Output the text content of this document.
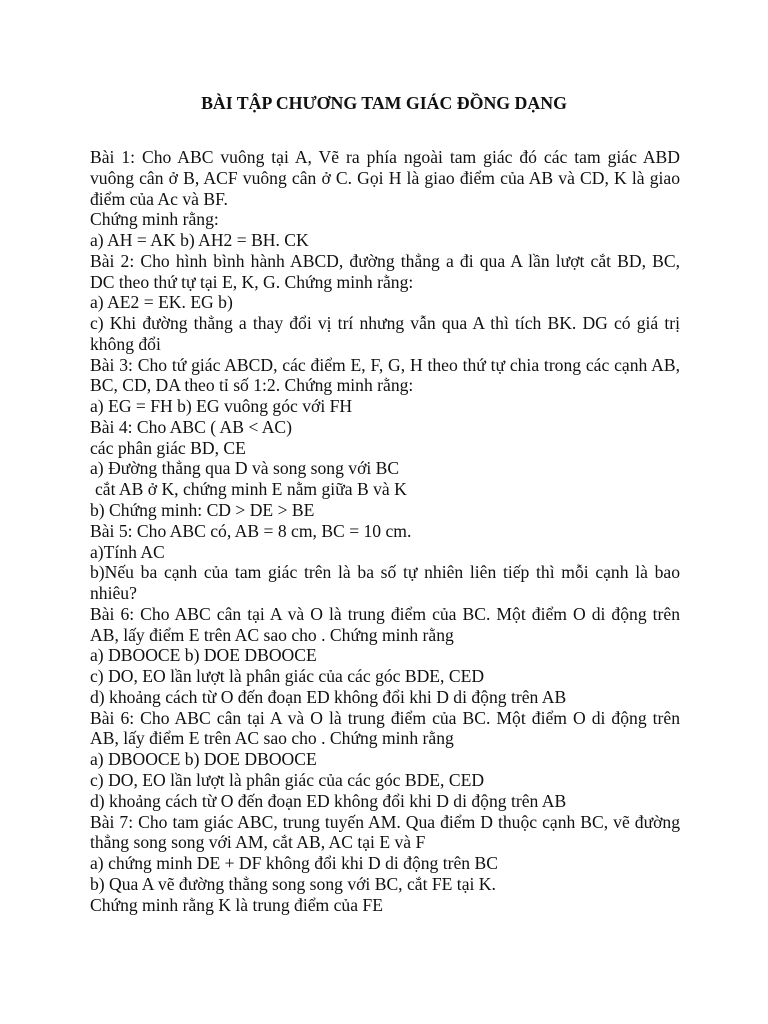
BÀI TẬP CHƯƠNG TAM GIÁC ĐỒNG DẠNG
Bài 1: Cho ABC vuông tại A, Vẽ ra phía ngoài tam giác đó các tam giác ABD
vuông cân ở B, ACF vuông cân ở C. Gọi H là giao điểm của AB và CD, K là giao
điểm của Ac và BF.
Chứng minh rằng:
a) AH = AK b) AH2 = BH. CK
Bài 2: Cho hình bình hành ABCD, đường thẳng a đi qua A lần lượt cắt BD, BC,
DC theo thứ tự tại E, K, G. Chứng minh rằng:
a) AE2 = EK. EG b)
c) Khi đường thẳng a thay đổi vị trí nhưng vẫn qua A thì tích BK. DG có giá trị
không đổi
Bài 3: Cho tứ giác ABCD, các điểm E, F, G, H theo thứ tự chia trong các cạnh AB,
BC, CD, DA theo tỉ số 1:2. Chứng minh rằng:
a) EG = FH b) EG vuông góc với FH
Bài 4: Cho ABC ( AB < AC)
các phân giác BD, CE
a) Đường thẳng qua D và song song với BC
cắt AB ở K, chứng minh E nằm giữa B và K
b) Chứng minh: CD > DE > BE
Bài 5: Cho ABC có, AB = 8 cm, BC = 10 cm.
a)Tính AC
b)Nếu ba cạnh của tam giác trên là ba số tự nhiên liên tiếp thì mỗi cạnh là bao
nhiêu?
Bài 6: Cho ABC cân tại A và O là trung điểm của BC. Một điểm O di động trên
AB, lấy điểm E trên AC sao cho . Chứng minh rằng
a) DBOOCE b) DOE DBOOCE
c) DO, EO lần lượt là phân giác của các góc BDE, CED
d) khoảng cách từ O đến đoạn ED không đổi khi D di động trên AB
Bài 6: Cho ABC cân tại A và O là trung điểm của BC. Một điểm O di động trên
AB, lấy điểm E trên AC sao cho . Chứng minh rằng
a) DBOOCE b) DOE DBOOCE
c) DO, EO lần lượt là phân giác của các góc BDE, CED
d) khoảng cách từ O đến đoạn ED không đổi khi D di động trên AB
Bài 7: Cho tam giác ABC, trung tuyến AM. Qua điểm D thuộc cạnh BC, vẽ đường
thẳng song song với AM, cắt AB, AC tại E và F
a) chứng minh DE + DF không đổi khi D di động trên BC
b) Qua A vẽ đường thẳng song song với BC, cắt FE tại K.
Chứng minh rằng K là trung điểm của FE
